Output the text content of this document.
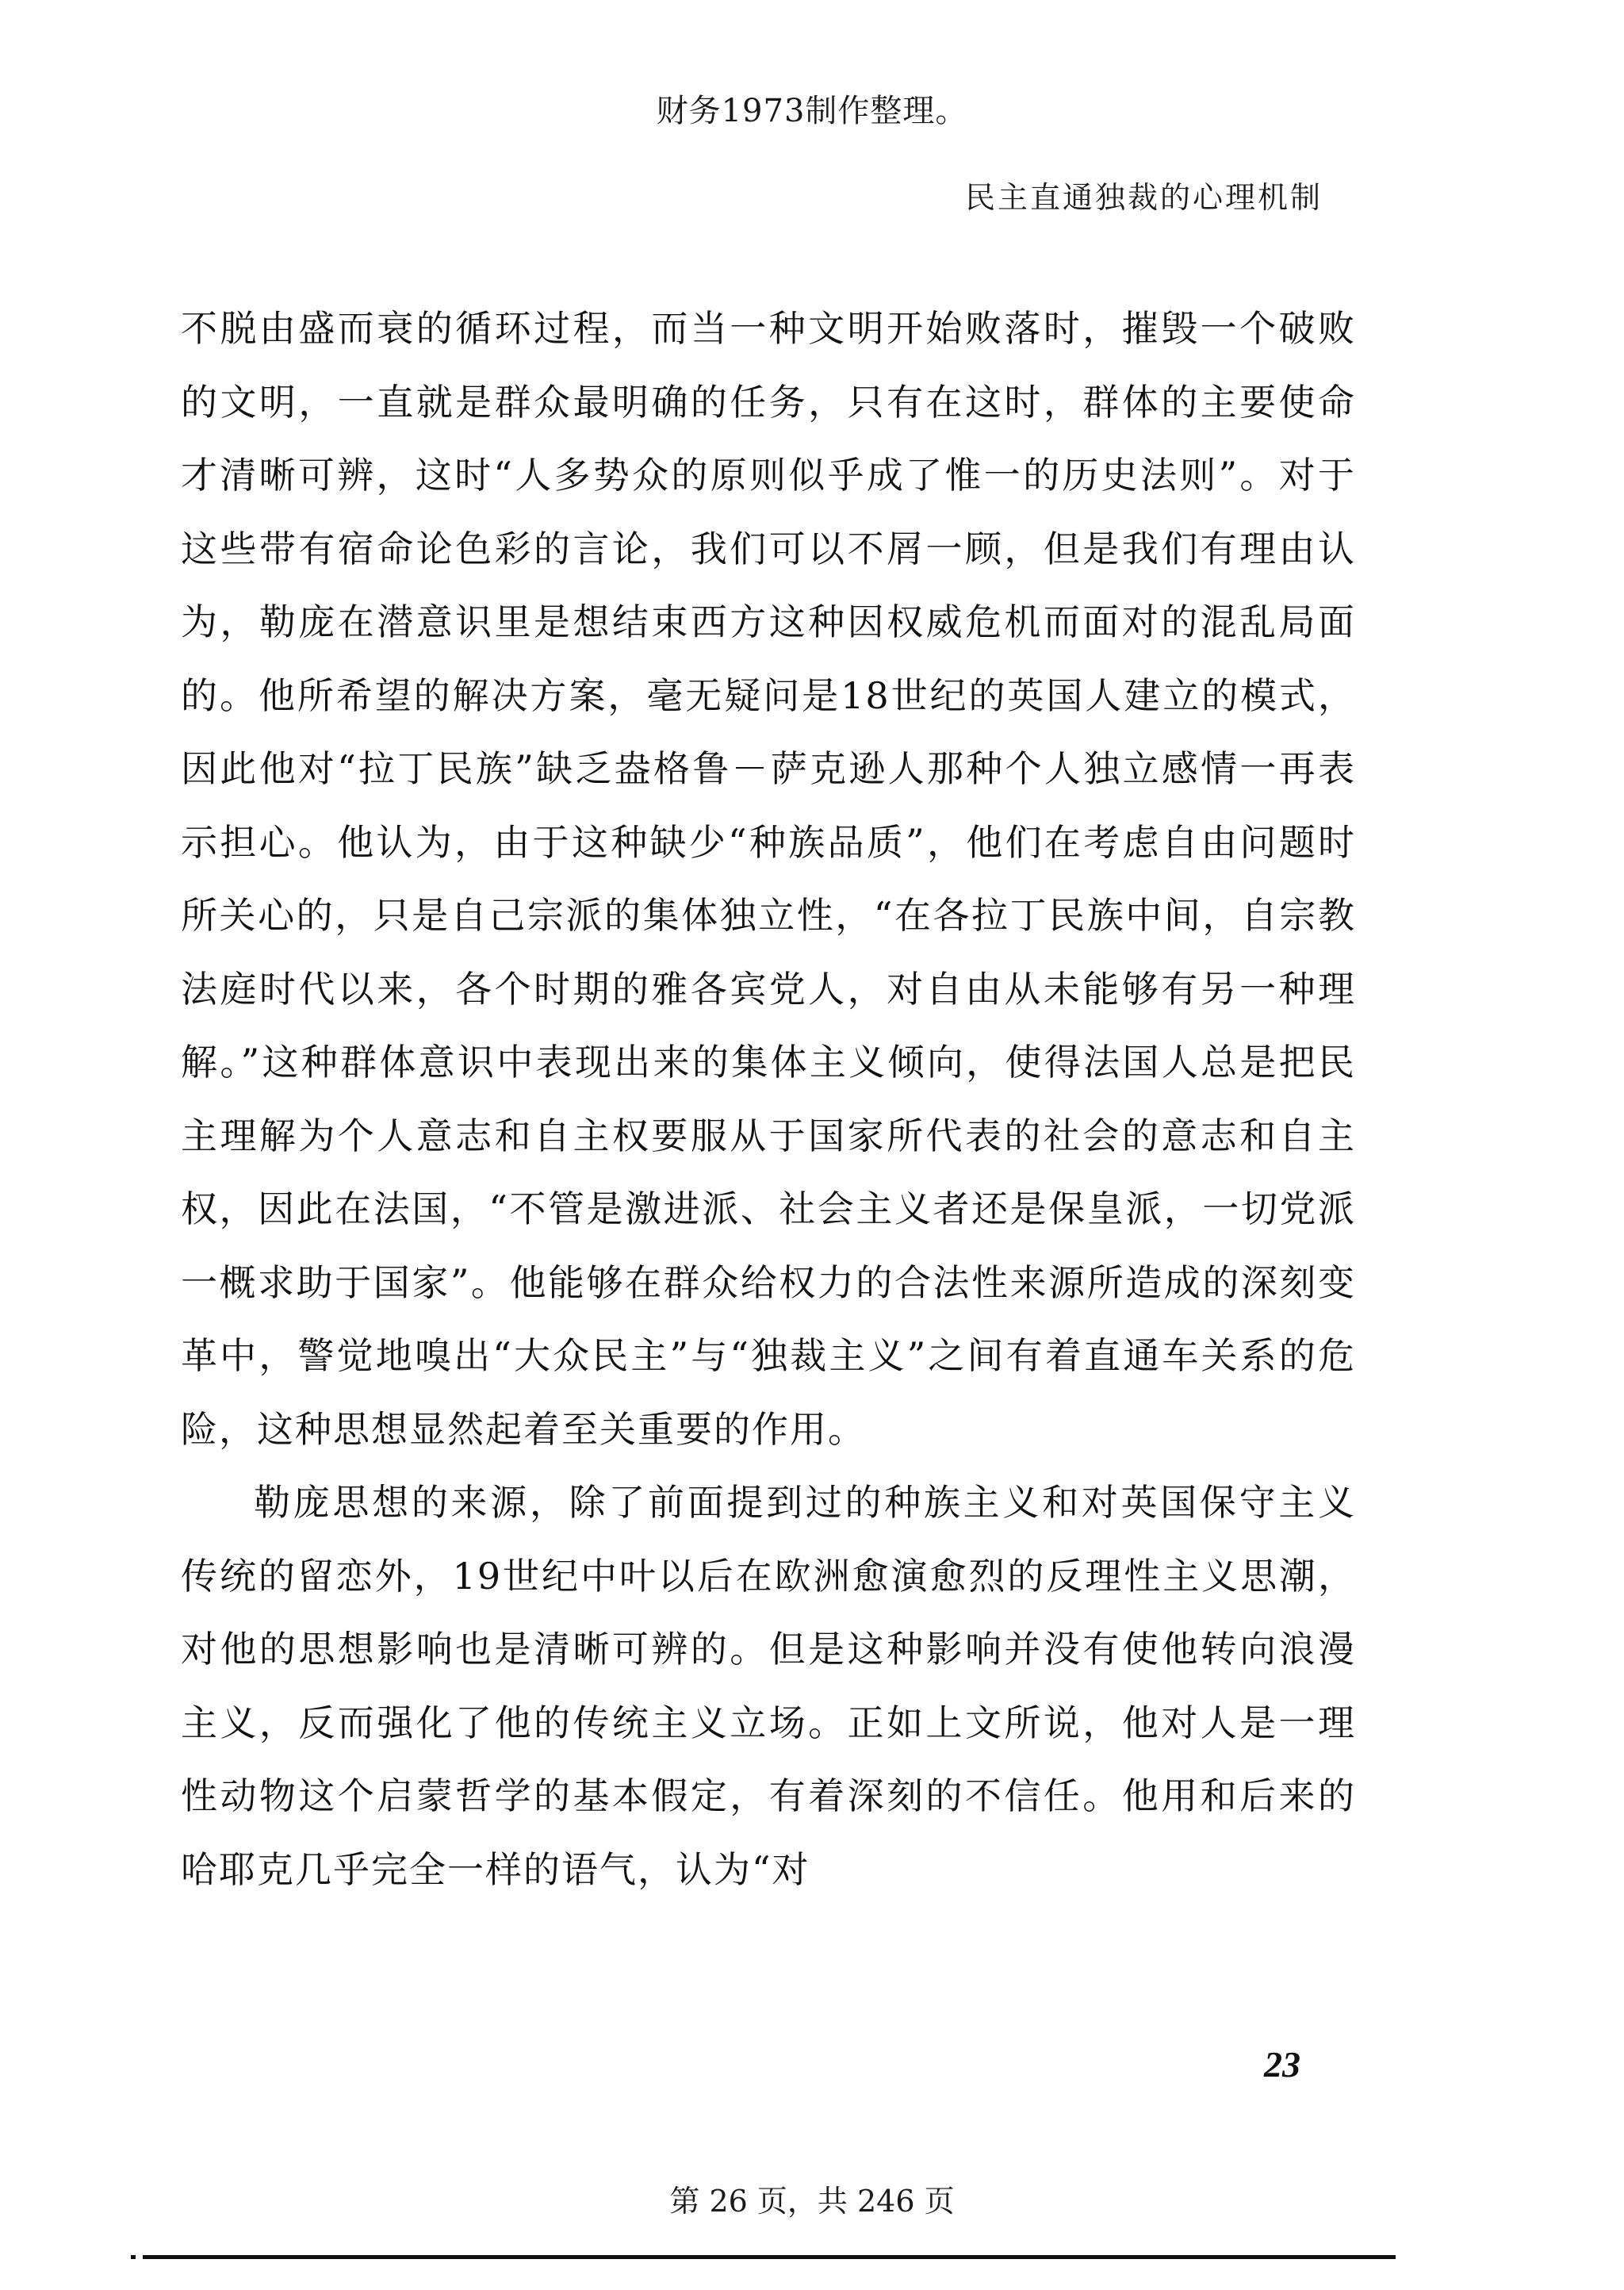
财务1973制作整理。
民主直通独裁的心理机制

不脱由盛而衰的循环过程，而当一种文明开始败落时，摧毁一个破败的文明，一直就是群众最明确的任务，只有在这时，群体的主要使命才清晰可辨，这时“人多势众的原则似乎成了惟一的历史法则”。对于这些带有宿命论色彩的言论，我们可以不屑一顾，但是我们有理由认为，勒庞在潜意识里是想结束西方这种因权威危机而面对的混乱局面的。他所希望的解决方案，毫无疑问是18世纪的英国人建立的模式，因此他对“拉丁民族”缺乏盎格鲁－萨克逊人那种个人独立感情一再表示担心。他认为，由于这种缺少“种族品质”，他们在考虑自由问题时所关心的，只是自己宗派的集体独立性，“在各拉丁民族中间，自宗教法庭时代以来，各个时期的雅各宾党人，对自由从未能够有另一种理解。”这种群体意识中表现出来的集体主义倾向，使得法国人总是把民主理解为个人意志和自主权要服从于国家所代表的社会的意志和自主权，因此在法国，“不管是激进派、社会主义者还是保皇派，一切党派一概求助于国家”。他能够在群众给权力的合法性来源所造成的深刻变革中，警觉地嗅出“大众民主”与“独裁主义”之间有着直通车关系的危险，这种思想显然起着至关重要的作用。

勒庞思想的来源，除了前面提到过的种族主义和对英国保守主义传统的留恋外，19世纪中叶以后在欧洲愈演愈烈的反理性主义思潮，对他的思想影响也是清晰可辨的。但是这种影响并没有使他转向浪漫主义，反而强化了他的传统主义立场。正如上文所说，他对人是一理性动物这个启蒙哲学的基本假定，有着深刻的不信任。他用和后来的哈耶克几乎完全一样的语气，认为“对

23
第 26 页，共 246 页
